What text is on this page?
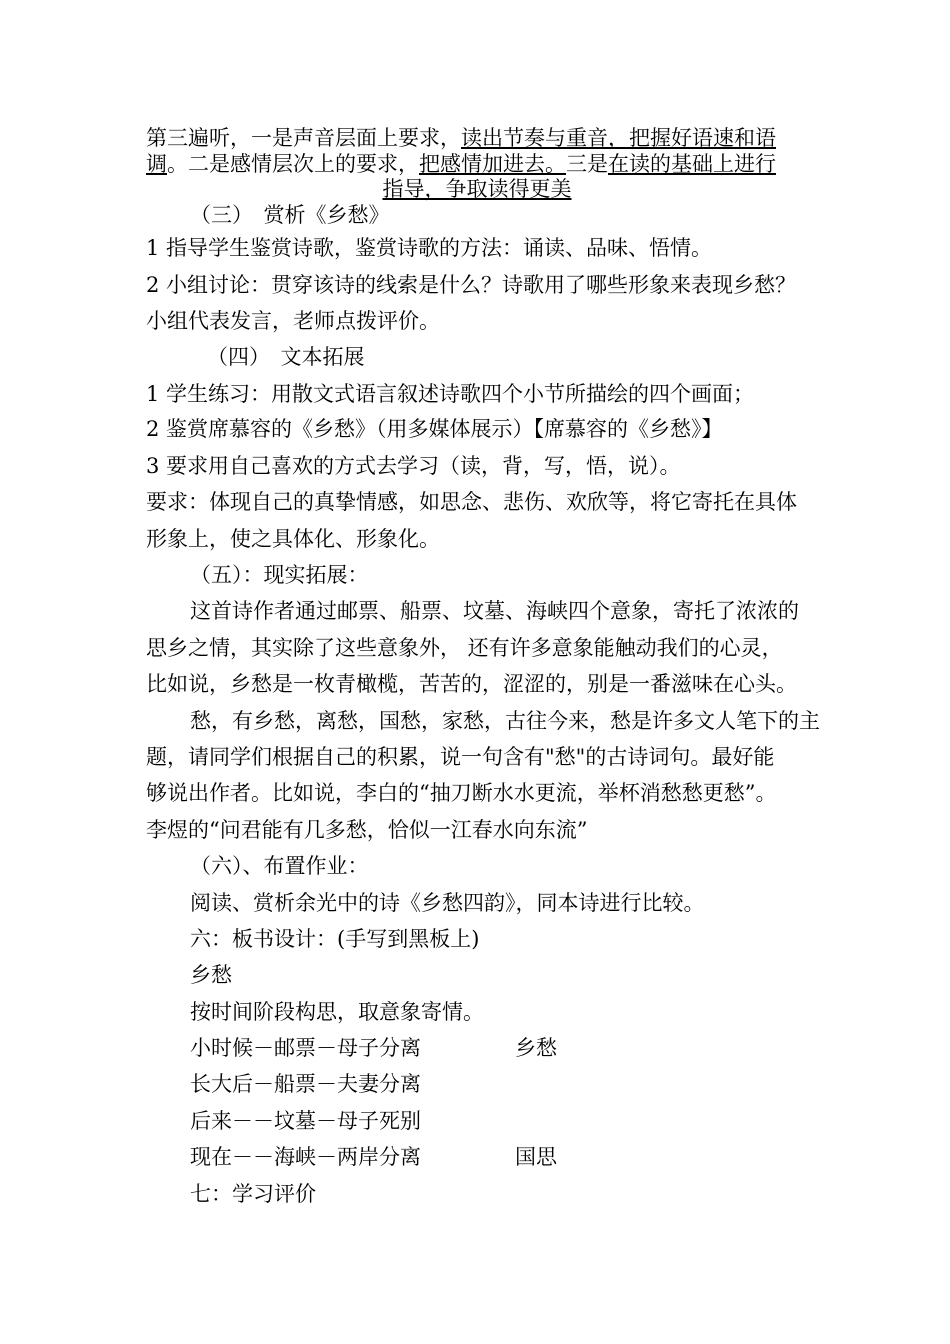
第三遍听，一是声音层面上要求，读出节奏与重音，把握好语速和语
调。二是感情层次上的要求，把感情加进去。三是在读的基础上进行
指导，争取读得更美
（三）　赏析《乡愁》
1 指导学生鉴赏诗歌，鉴赏诗歌的方法：诵读、品味、悟情。
2 小组讨论：贯穿该诗的线索是什么？诗歌用了哪些形象来表现乡愁？
小组代表发言，老师点拨评价。
（四）　文本拓展
1 学生练习：用散文式语言叙述诗歌四个小节所描绘的四个画面；
2 鉴赏席慕容的《乡愁》（用多媒体展示）【席慕容的《乡愁》】
3 要求用自己喜欢的方式去学习（读，背，写，悟，说）。
要求：体现自己的真挚情感，如思念、悲伤、欢欣等，将它寄托在具体
形象上，使之具体化、形象化。
（五）：现实拓展：
这首诗作者通过邮票、船票、坟墓、海峡四个意象，寄托了浓浓的
思乡之情，其实除了这些意象外， 还有许多意象能触动我们的心灵，
比如说，乡愁是一枚青橄榄，苦苦的，涩涩的，别是一番滋味在心头。
愁，有乡愁，离愁，国愁，家愁，古往今来，愁是许多文人笔下的主
题，请同学们根据自己的积累，说一句含有"愁"的古诗词句。最好能
够说出作者。比如说，李白的“抽刀断水水更流，举杯消愁愁更愁”。
李煜的“问君能有几多愁，恰似一江春水向东流”
（六）、布置作业：
阅读、赏析余光中的诗《乡愁四韵》，同本诗进行比较。
六：板书设计：(手写到黑板上)
乡愁
按时间阶段构思，取意象寄情。
小时候－邮票－母子分离	乡愁
长大后－船票－夫妻分离
后来－－坟墓－母子死别
现在－－海峡－两岸分离	国思
七：学习评价
